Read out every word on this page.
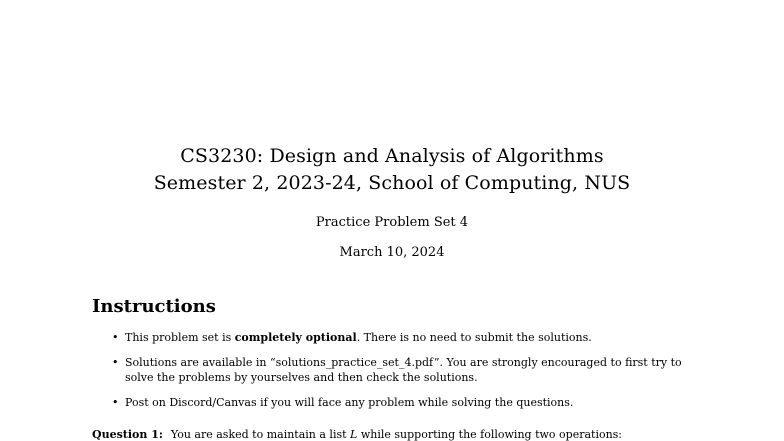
CS3230: Design and Analysis of Algorithms
Semester 2, 2023-24, School of Computing, NUS
Practice Problem Set 4
March 10, 2024
Instructions
• This problem set is completely optional. There is no need to submit the solutions.
• Solutions are available in “solutions_practice_set_4.pdf”. You are strongly encouraged to first try to solve the problems by yourselves and then check the solutions.
• Post on Discord/Canvas if you will face any problem while solving the questions.
Question 1: You are asked to maintain a list L while supporting the following two operations:
